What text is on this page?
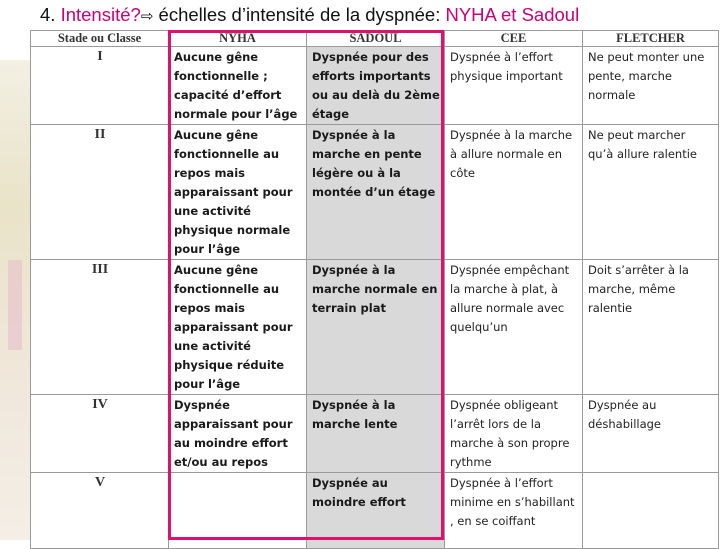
4. Intensité?⇨ échelles d’intensité de la dyspnée: NYHA et Sadoul
Stade ou Classe	NYHA	SADOUL	CEE	FLETCHER
I	Aucune gêne fonctionnelle ; capacité d’effort normale pour l’âge	Dyspnée pour des efforts importants ou au delà du 2ème étage	Dyspnée à l’effort physique important	Ne peut monter une pente, marche normale
II	Aucune gêne fonctionnelle au repos mais apparaissant pour une activité physique normale pour l’âge	Dyspnée à la marche en pente légère ou à la montée d’un étage	Dyspnée à la marche à allure normale en côte	Ne peut marcher qu’à allure ralentie
III	Aucune gêne fonctionnelle au repos mais apparaissant pour une activité physique réduite pour l’âge	Dyspnée à la marche normale en terrain plat	Dyspnée empêchant la marche à plat, à allure normale avec quelqu’un	Doit s’arrêter à la marche, même ralentie
IV	Dyspnée apparaissant pour au moindre effort et/ou au repos	Dyspnée à la marche lente	Dyspnée obligeant l’arrêt lors de la marche à son propre rythme	Dyspnée au déshabillage
V		Dyspnée au moindre effort	Dyspnée à l’effort minime en s’habillant , en se coiffant	
